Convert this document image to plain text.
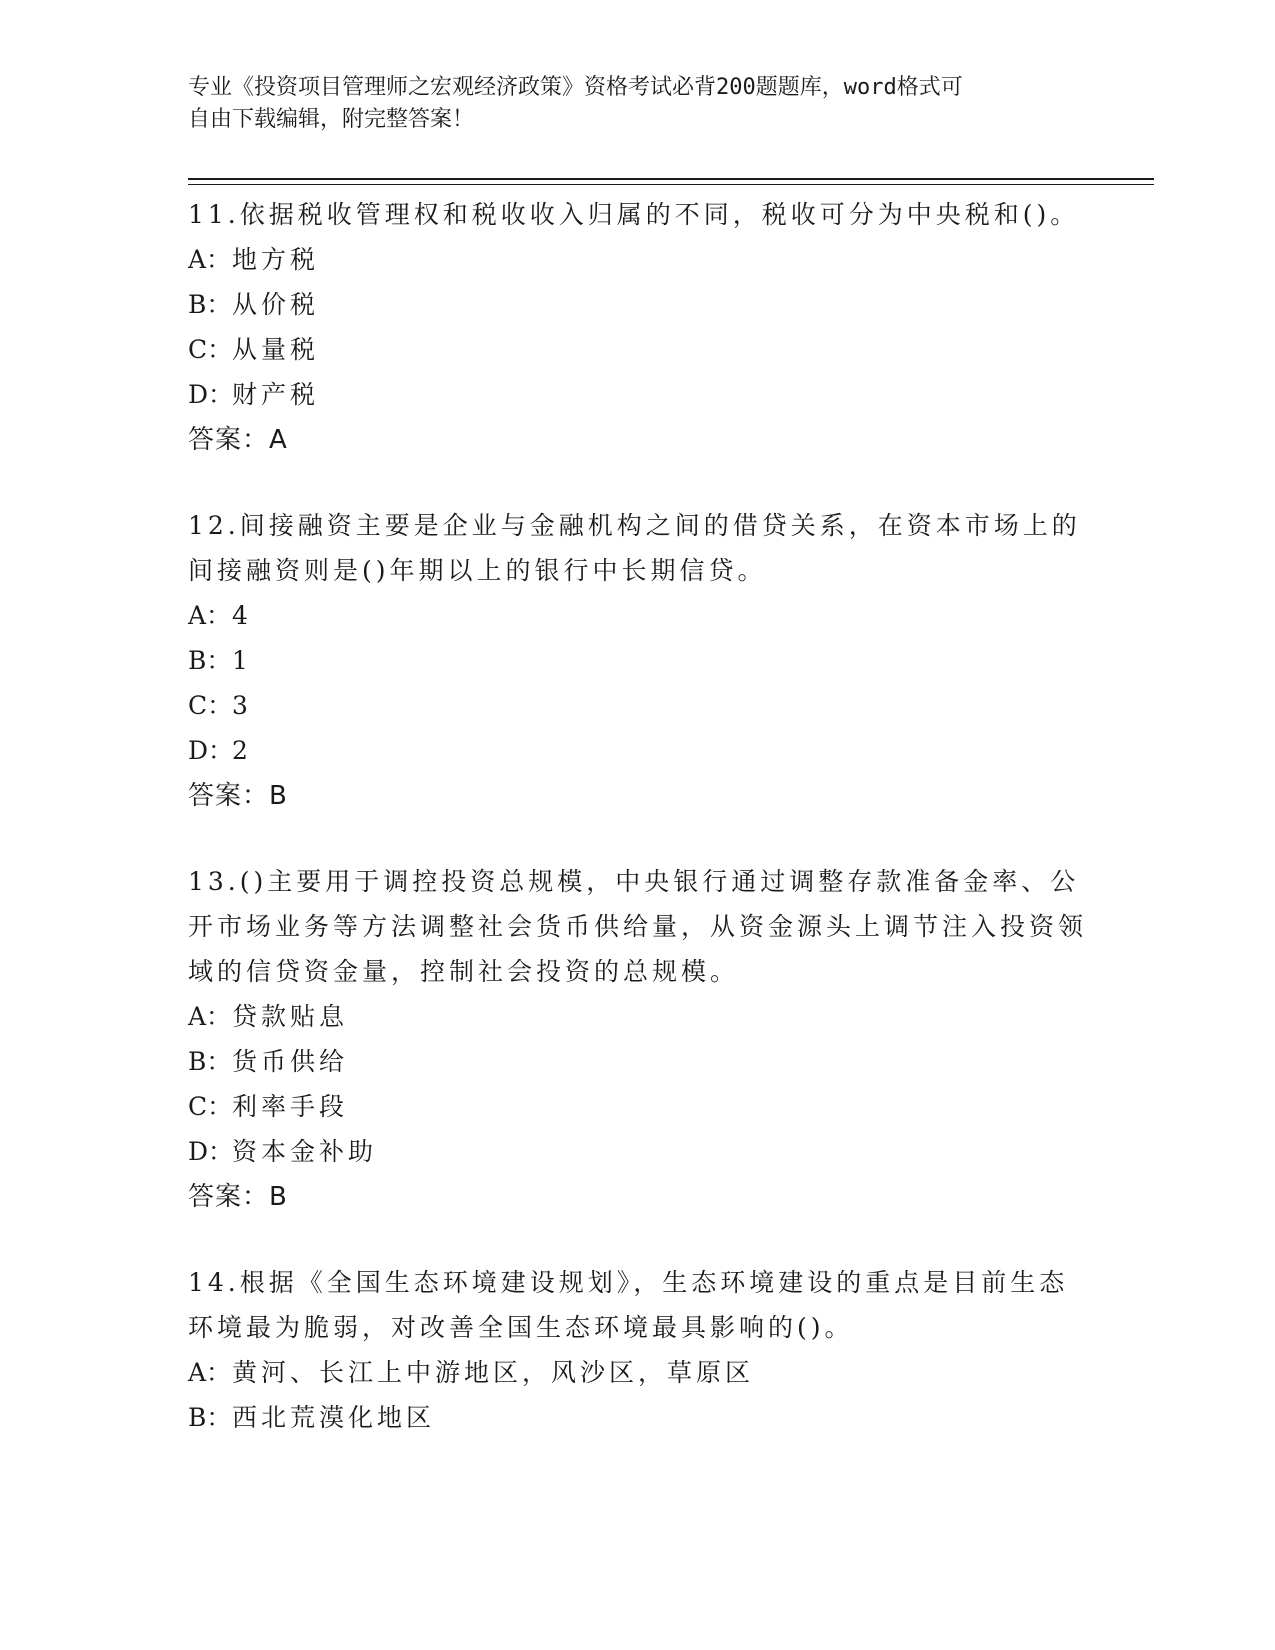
专业《投资项目管理师之宏观经济政策》资格考试必背200题题库，word格式可
自由下载编辑，附完整答案！

11.依据税收管理权和税收收入归属的不同，税收可分为中央税和()。

A：地方税

B：从价税

C：从量税

D：财产税

答案：A

12.间接融资主要是企业与金融机构之间的借贷关系，在资本市场上的间接融资则是()年期以上的银行中长期信贷。

A：4

B：1

C：3

D：2

答案：B

13.()主要用于调控投资总规模，中央银行通过调整存款准备金率、公开市场业务等方法调整社会货币供给量，从资金源头上调节注入投资领域的信贷资金量，控制社会投资的总规模。

A：贷款贴息

B：货币供给

C：利率手段

D：资本金补助

答案：B

14.根据《全国生态环境建设规划》，生态环境建设的重点是目前生态环境最为脆弱，对改善全国生态环境最具影响的()。

A：黄河、长江上中游地区，风沙区，草原区

B：西北荒漠化地区
